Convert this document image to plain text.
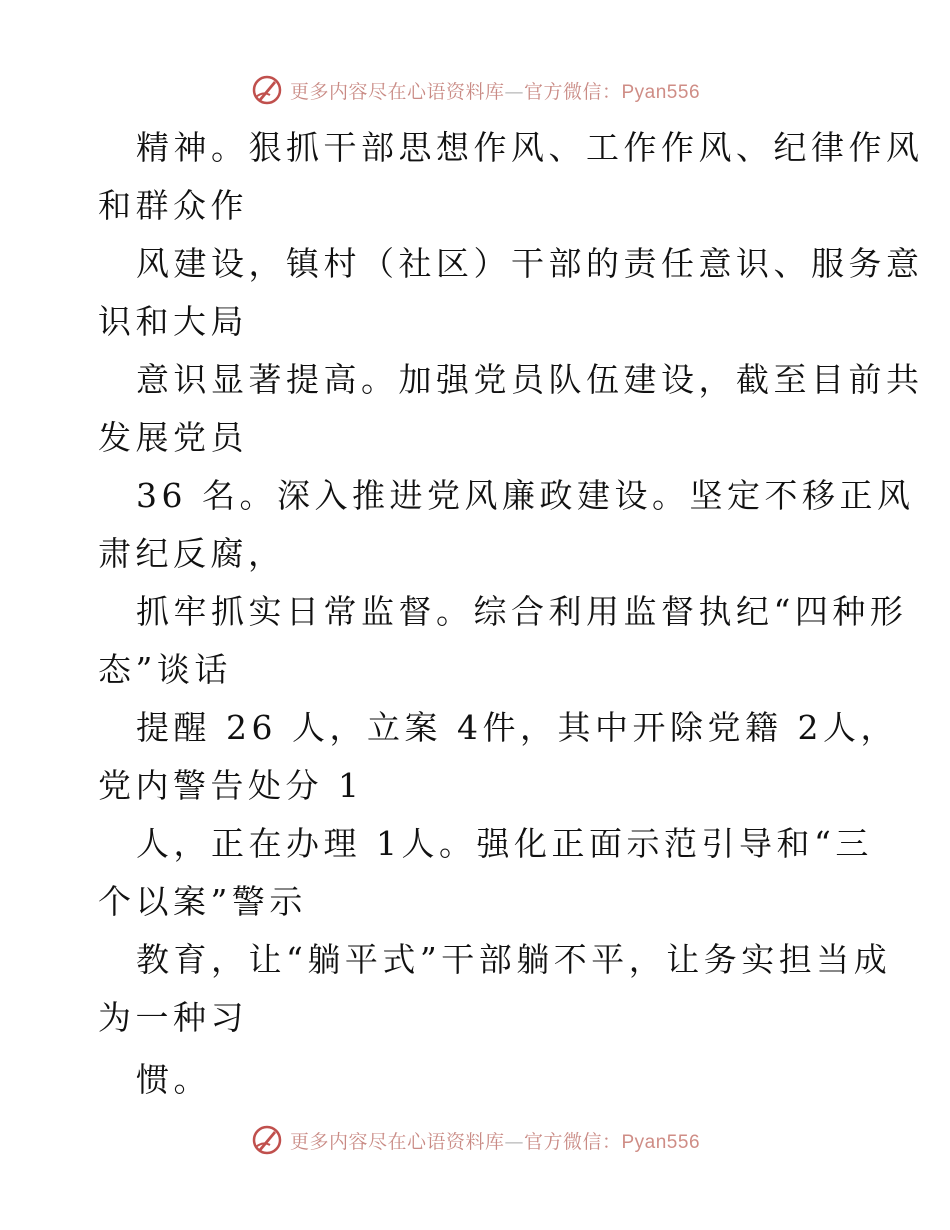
更多内容尽在心语资料库—官方微信：Pyan556
精神。狠抓干部思想作风、工作作风、纪律作风
和群众作
风建设，镇村（社区）干部的责任意识、服务意
识和大局
意识显著提高。加强党员队伍建设，截至目前共
发展党员
36 名。深入推进党风廉政建设。坚定不移正风
肃纪反腐，
抓牢抓实日常监督。综合利用监督执纪“四种形
态”谈话
提醒 26 人，立案 4件，其中开除党籍 2人，
党内警告处分 1
人，正在办理 1人。强化正面示范引导和“三
个以案”警示
教育，让“躺平式”干部躺不平，让务实担当成
为一种习
惯。
更多内容尽在心语资料库—官方微信：Pyan556
